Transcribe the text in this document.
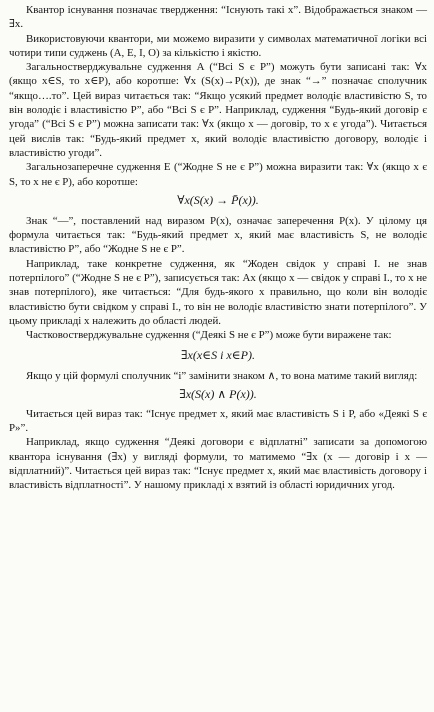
Квантор існування позначає твердження: “Існують такі x”. Відображається знаком — ∃x.

Використовуючи квантори, ми можемо виразити у символах математичної логіки всі чотири типи суджень (A, E, I, O) за кількістю і якістю.

Загальностверджувальне судження A (“Всі S є P”) можуть бути записані так: ∀x (якщо x∈S, то x∈P), або коротше: ∀x (S(x)→P(x)), де знак “→” позначає сполучник “якщо….то”. Цей вираз читається так: “Якщо усякий предмет володіє властивістю S, то він володіє і властивістю P”, або “Всі S є P”. Наприклад, судження “Будь-який договір є угода” (“Всі S є P”) можна записати так: ∀x (якщо x — договір, то x є угода”). Читається цей вислів так: “Будь-який предмет x, який володіє властивістю договору, володіє і властивістю угоди”.

Загальнозаперечне судження E (“Жодне S не є P”) можна виразити так: ∀x (якщо x є S, то x не є P), або коротше:

∀x(S(x) → P̄(x)).

Знак “—”, поставлений над виразом P(x), означає заперечення P(x). У цілому ця формула читається так: “Будь-який предмет x, який має властивість S, не володіє властивістю P”, або “Жодне S не є P”.

Наприклад, таке конкретне судження, як “Жоден свідок у справі І. не знав потерпілого” (“Жодне S не є P”), записується так: Ax (якщо x — свідок у справі I., то x не знав потерпілого), яке читається: “Для будь-якого x правильно, що коли він володіє властивістю бути свідком у справі I., то він не володіє властивістю знати потерпілого”. У цьому прикладі x належить до області людей.

Частковостверджувальне судження (“Деякі S не є P”) може бути виражене так:

∃x(x∈S і x∈P).

Якщо у цій формулі сполучник “і” замінити знаком ∧, то вона матиме такий вигляд:

∃x(S(x) ∧ P(x)).

Читається цей вираз так: “Існує предмет x, який має властивість S і P, або «Деякі S є P»”.

Наприклад, якщо судження “Деякі договори є відплатні” записати за допомогою квантора існування (∃x) у вигляді формули, то матимемо “∃x (x — договір і x — відплатний)”. Читається цей вираз так: “Існує предмет x, який має властивість договору і властивість відплатності”. У нашому прикладі x взятий із області юридичних угод.
